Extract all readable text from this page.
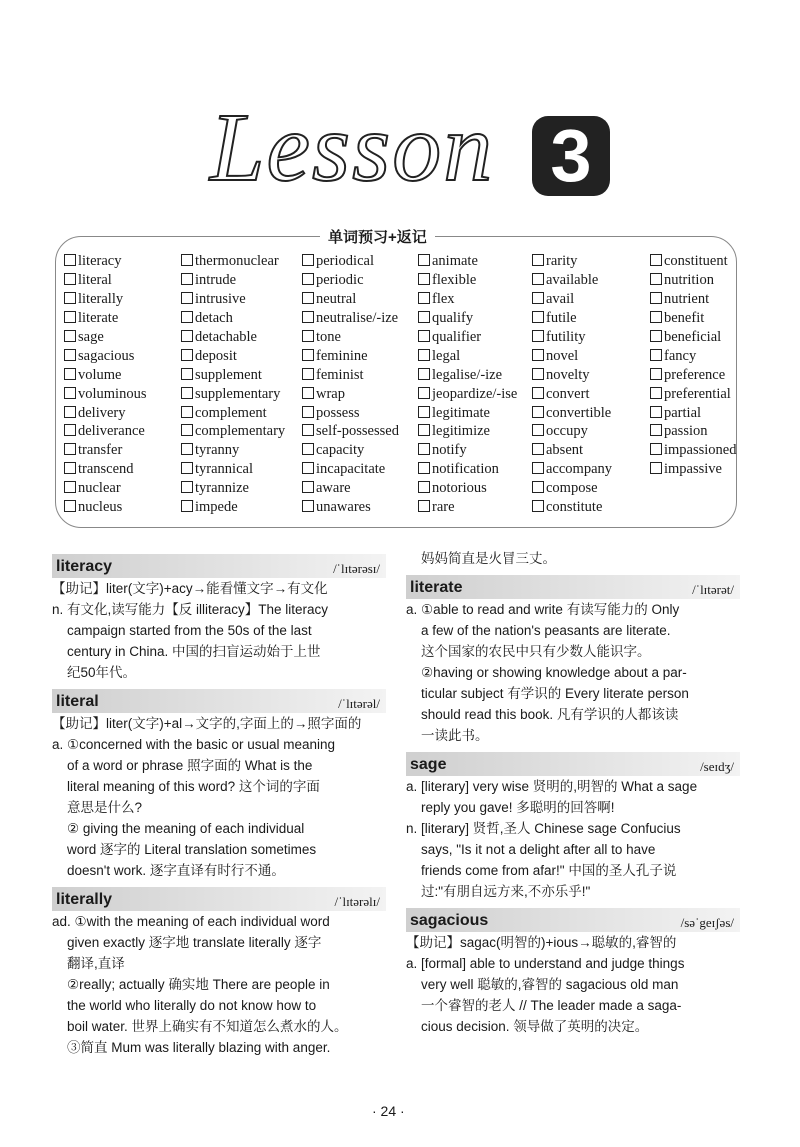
Lesson 3
单词预习+返记
literacy	thermonuclear	periodical	animate	rarity	constituent
literal	intrude	periodic	flexible	available	nutrition
literally	intrusive	neutral	flex	avail	nutrient
literate	detach	neutralise/-ize	qualify	futile	benefit
sage	detachable	tone	qualifier	futility	beneficial
sagacious	deposit	feminine	legal	novel	fancy
volume	supplement	feminist	legalise/-ize	novelty	preference
voluminous	supplementary	wrap	jeopardize/-ise	convert	preferential
delivery	complement	possess	legitimate	convertible	partial
deliverance	complementary	self-possessed	legitimize	occupy	passion
transfer	tyranny	capacity	notify	absent	impassioned
transcend	tyrannical	incapacitate	notification	accompany	impassive
nuclear	tyrannize	aware	notorious	compose
nucleus	impede	unawares	rare	constitute
literacy	/ˈlɪtərəsɪ/
【助记】liter(文字)+acy→能看懂文字→有文化
n. 有文化,读写能力【反 illiteracy】The literacy
campaign started from the 50s of the last
century in China. 中国的扫盲运动始于上世
纪50年代。
literal	/ˈlɪtərəl/
【助记】liter(文字)+al→文字的,字面上的→照字面的
a. ①concerned with the basic or usual meaning
of a word or phrase 照字面的 What is the
literal meaning of this word? 这个词的字面
意思是什么?
② giving the meaning of each individual
word 逐字的 Literal translation sometimes
doesn't work. 逐字直译有时行不通。
literally	/ˈlɪtərəlɪ/
ad. ①with the meaning of each individual word
given exactly 逐字地 translate literally 逐字
翻译,直译
②really; actually 确实地 There are people in
the world who literally do not know how to
boil water. 世界上确实有不知道怎么煮水的人。
③简直 Mum was literally blazing with anger.
妈妈简直是火冒三丈。
literate	/ˈlɪtərət/
a. ①able to read and write 有读写能力的 Only
a few of the nation's peasants are literate.
这个国家的农民中只有少数人能识字。
②having or showing knowledge about a par-
ticular subject 有学识的 Every literate person
should read this book. 凡有学识的人都该读
一读此书。
sage	/seɪdʒ/
a. [literary] very wise 贤明的,明智的 What a sage
reply you gave! 多聪明的回答啊!
n. [literary] 贤哲,圣人 Chinese sage Confucius
says, "Is it not a delight after all to have
friends come from afar!" 中国的圣人孔子说
过:"有朋自远方来,不亦乐乎!"
sagacious	/səˈgeɪʃəs/
【助记】sagac(明智的)+ious→聪敏的,睿智的
a. [formal] able to understand and judge things
very well 聪敏的,睿智的 sagacious old man
一个睿智的老人 // The leader made a saga-
cious decision. 领导做了英明的决定。
· 24 ·
